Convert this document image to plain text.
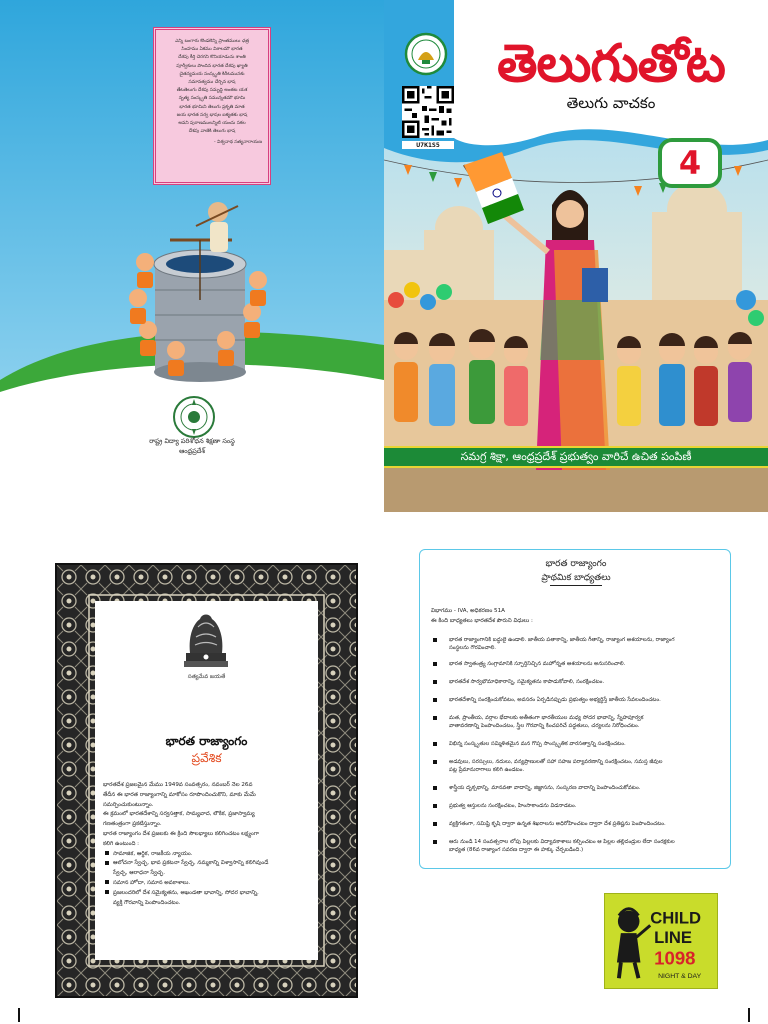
ఎన్ని బంగారు కొండలెన్ని ప్రాంతములు ఛత్ర
సింహము ఏకము విశాలమౌ భారత
దేశపు కీర్తి చెరగని కొనియాడుచు శాంతి
పూర్వీకులు పొందిన భారత దేశపు ఖ్యాతి
చైతన్యమయ సంస్కృతి కిరీటమునకు
సమానత్వము చేర్చిన భాష
తేటతెలుగు దేశపు సమృద్ధి అంతట యశ
నృత్య సంస్కృతి సమున్నతమౌ భూమి
భారత భూమిని తెలుగు ప్రకృతి మాత
జయ భారత సర్వ భాషల ఐక్యతకు భాష
అవని పురాణములన్నిటి యందు సకల
దేశపు వాణికి తెలుగు భాష
- విశ్వనాథ సత్యనారాయణ
రాష్ట్ర విద్యా పరిశోధన శిక్షణా సంస్థ
ఆంధ్రప్రదేశ్
U7K1S5
తెలుగుతోట
తెలుగు వాచకం
4
సమగ్ర శిక్షా, ఆంధ్రప్రదేశ్ ప్రభుత్వం వారిచే ఉచిత పంపిణీ
సత్యమేవ జయతే
భారత రాజ్యాంగం
ప్రవేశిక
భారతదేశ ప్రజలమైన మేము 1949వ సంవత్సరం, నవంబర్ నెల 26వ
తేదీన ఈ భారత రాజ్యాంగాన్ని మాకోసం రూపొందించుకొని, మాకు మేమే
సమర్పించుకుంటున్నాం.
ఈ క్రమంలో భారతదేశాన్ని సర్వసత్తాక, సామ్యవాద, లౌకిక, ప్రజాస్వామ్య
గణతంత్రంగా ప్రకటిస్తున్నాం.
భారత రాజ్యాంగం దేశ ప్రజలకు ఈ క్రింది సౌలభ్యాలు కలిగించటం లక్ష్యంగా
కలిగి ఉంటుంది :
సామాజిక, ఆర్థిక, రాజకీయ న్యాయం.
ఆలోచనా స్వేచ్ఛ, భావ ప్రకటనా స్వేచ్ఛ, నమ్మకాన్ని విశ్వాసాన్ని కలిగివుండే
స్వేచ్ఛ, ఆరాధనా స్వేచ్ఛ.
సమాన హోదా, సమాన అవకాశాలు.
ప్రజలందరిలో దేశ సమైక్యతను, అఖండతా భావాన్ని, సోదర భావాన్ని,
వ్యక్తి గౌరవాన్ని పెంపొందించటం.
భారత రాజ్యాంగం
ప్రాథమిక బాధ్యతలు
విభాగము - IVA, అధికరణం 51A
ఈ కింది బాధ్యతలు భారతదేశ పౌరుని విధులు :
భారత రాజ్యాంగానికి బద్ధులై ఉండాలి. జాతీయ పతాకాన్ని, జాతీయ గీతాన్ని, రాజ్యాంగ ఆశయాలను, రాజ్యాంగ
సంస్థలను గౌరవించాలి.
భారత స్వాతంత్ర్య సంగ్రామానికి స్ఫూర్తినిచ్చిన మహోన్నత ఆశయాలను అనుసరించాలి.
భారతదేశ సార్వభౌమాధికారాన్ని, సమైక్యతను కాపాడుకోవాలి, సంరక్షించటం.
భారతదేశాన్ని సంరక్షించుకోవటం, అవసరం ఏర్పడినప్పుడు ప్రభుత్వం అభ్యర్థిస్తే జాతీయ సేవలందించటం.
మత, ప్రాంతీయ, వర్గాల భేదాలకు అతీతంగా భారతీయుల మధ్య సోదర భావాన్ని, స్నేహపూర్వక
వాతావరణాన్ని పెంపొందించటం, స్త్రీల గౌరవాన్ని కించపరిచే పద్ధతులు, చర్యలను నిరోధించటం.
విభిన్న సంస్కృతుల సమ్మిళితమైన మన గొప్ప సాంస్కృతిక వారసత్వాన్ని సంరక్షించటం.
అడవులు, సరస్సులు, నదులు, వన్యప్రాణులతో సహా సహజ పర్యావరణాన్ని సంరక్షించటం, సమస్త జీవుల
పట్ల ప్రేమానురాగాలు కలిగి ఉండటం.
శాస్త్రీయ దృక్పథాన్ని, మానవతా వాదాన్ని, జిజ్ఞాసను, సంస్కరణ వాదాన్ని పెంపొందించుకోవటం.
ప్రభుత్వ ఆస్తులను సంరక్షించటం, హింసాకాండను విడనాడటం.
వ్యక్తిగతంగా, సమిష్టి కృషి ద్వారా ఉన్నత శిఖరాలను అధిరోహించటం ద్వారా దేశ ప్రతిష్టను పెంపొందించటం.
ఆరు నుండి 14 సంవత్సరాల లోపు పిల్లలకు విద్యావకాశాలు కల్పించటం ఆ పిల్లల తల్లిదండ్రుల లేదా సంరక్షకుల
బాధ్యత (86వ రాజ్యాంగ సవరణ ద్వారా ఈ హక్కు చేర్చబడింది.)
CHILD
LINE
1098
NIGHT & DAY
